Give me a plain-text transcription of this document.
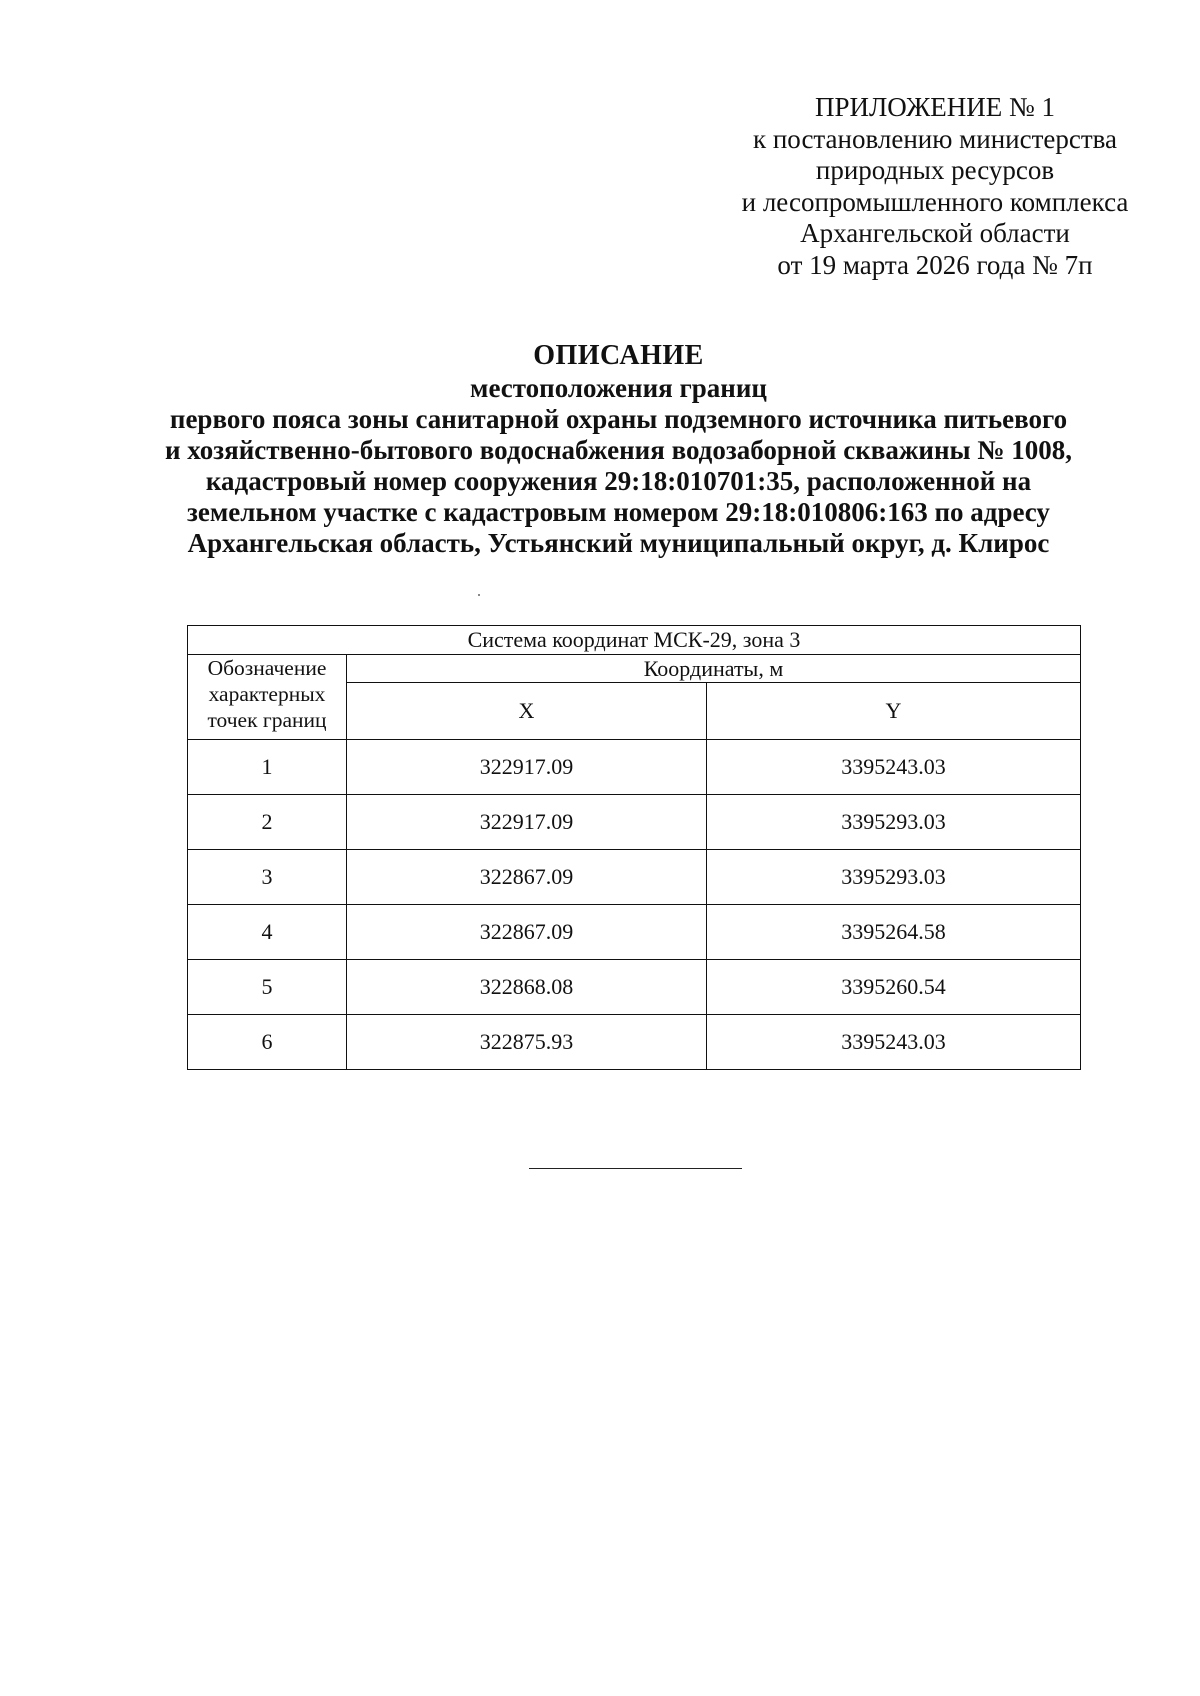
ПРИЛОЖЕНИЕ № 1
к постановлению министерства
природных ресурсов
и лесопромышленного комплекса
Архангельской области
от 19 марта 2026 года № 7п
ОПИСАНИЕ
местоположения границ
первого пояса зоны санитарной охраны подземного источника питьевого
и хозяйственно-бытового водоснабжения водозаборной скважины № 1008,
кадастровый номер сооружения 29:18:010701:35, расположенной на
земельном участке с кадастровым номером 29:18:010806:163 по адресу
Архангельская область, Устьянский муниципальный округ, д. Клирос
Система координат МСК-29, зона 3		

Обозначение
характерных
точек границ	Координаты, м	
	X	Y
1	322917.09	3395243.03
2	322917.09	3395293.03
3	322867.09	3395293.03
4	322867.09	3395264.58
5	322868.08	3395260.54
6	322875.93	3395243.03
